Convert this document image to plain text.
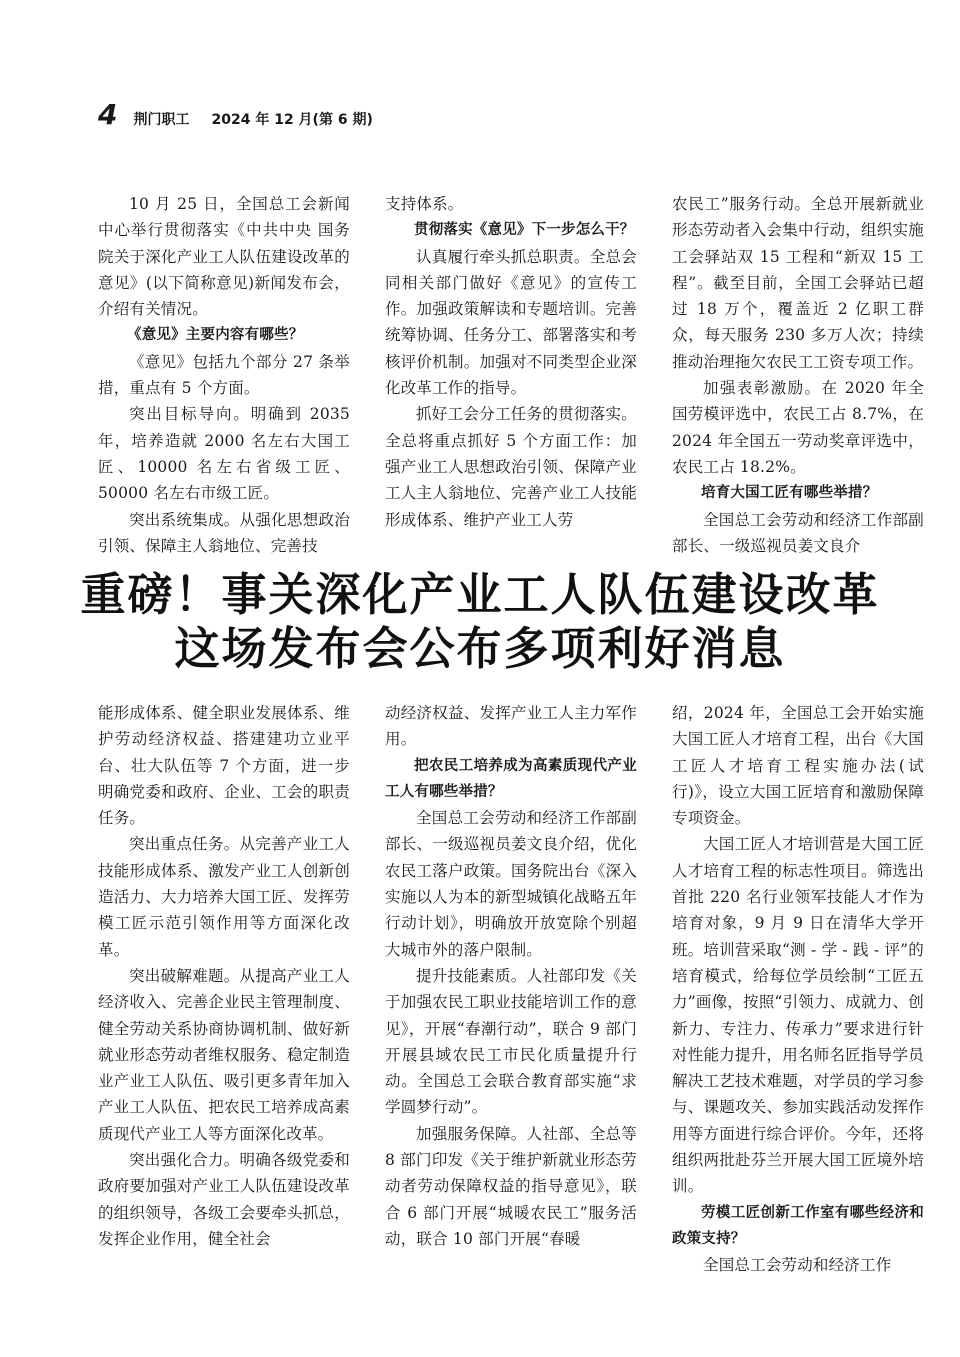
4 荆门职工 2024 年 12 月(第 6 期)

10 月 25 日，全国总工会新闻中心举行贯彻落实《中共中央 国务院关于深化产业工人队伍建设改革的意见》(以下简称意见)新闻发布会，介绍有关情况。

《意见》主要内容有哪些？

《意见》包括九个部分 27 条举措，重点有 5 个方面。

突出目标导向。明确到 2035 年，培养造就 2000 名左右大国工匠、10000 名左右省级工匠、50000 名左右市级工匠。

突出系统集成。从强化思想政治引领、保障主人翁地位、完善技

支持体系。

贯彻落实《意见》下一步怎么干？

认真履行牵头抓总职责。全总会同相关部门做好《意见》的宣传工作。加强政策解读和专题培训。完善统筹协调、任务分工、部署落实和考核评价机制。加强对不同类型企业深化改革工作的指导。

抓好工会分工任务的贯彻落实。全总将重点抓好 5 个方面工作：加强产业工人思想政治引领、保障产业工人主人翁地位、完善产业工人技能形成体系、维护产业工人劳

农民工”服务行动。全总开展新就业形态劳动者入会集中行动，组织实施工会驿站双 15 工程和“新双 15 工程”。截至目前，全国工会驿站已超过 18 万个，覆盖近 2 亿职工群众，每天服务 230 多万人次；持续推动治理拖欠农民工工资专项工作。

加强表彰激励。在 2020 年全国劳模评选中，农民工占 8.7%，在 2024 年全国五一劳动奖章评选中，农民工占 18.2%。

培育大国工匠有哪些举措？

全国总工会劳动和经济工作部副部长、一级巡视员姜文良介

重磅！事关深化产业工人队伍建设改革
这场发布会公布多项利好消息

能形成体系、健全职业发展体系、维护劳动经济权益、搭建建功立业平台、壮大队伍等 7 个方面，进一步明确党委和政府、企业、工会的职责任务。

突出重点任务。从完善产业工人技能形成体系、激发产业工人创新创造活力、大力培养大国工匠、发挥劳模工匠示范引领作用等方面深化改革。

突出破解难题。从提高产业工人经济收入、完善企业民主管理制度、健全劳动关系协商协调机制、做好新就业形态劳动者维权服务、稳定制造业产业工人队伍、吸引更多青年加入产业工人队伍、把农民工培养成高素质现代产业工人等方面深化改革。

突出强化合力。明确各级党委和政府要加强对产业工人队伍建设改革的组织领导，各级工会要牵头抓总，发挥企业作用，健全社会

动经济权益、发挥产业工人主力军作用。

把农民工培养成为高素质现代产业工人有哪些举措？

全国总工会劳动和经济工作部副部长、一级巡视员姜文良介绍，优化农民工落户政策。国务院出台《深入实施以人为本的新型城镇化战略五年行动计划》，明确放开放宽除个别超大城市外的落户限制。

提升技能素质。人社部印发《关于加强农民工职业技能培训工作的意见》，开展“春潮行动”，联合 9 部门开展县域农民工市民化质量提升行动。全国总工会联合教育部实施“求学圆梦行动”。

加强服务保障。人社部、全总等 8 部门印发《关于维护新就业形态劳动者劳动保障权益的指导意见》，联合 6 部门开展“城暖农民工”服务活动，联合 10 部门开展“春暖

绍，2024 年，全国总工会开始实施大国工匠人才培育工程，出台《大国工匠人才培育工程实施办法(试行)》，设立大国工匠培育和激励保障专项资金。

大国工匠人才培训营是大国工匠人才培育工程的标志性项目。筛选出首批 220 名行业领军技能人才作为培育对象，9 月 9 日在清华大学开班。培训营采取“测 - 学 - 践 - 评”的培育模式，给每位学员绘制“工匠五力”画像，按照“引领力、成就力、创新力、专注力、传承力”要求进行针对性能力提升，用名师名匠指导学员解决工艺技术难题，对学员的学习参与、课题攻关、参加实践活动发挥作用等方面进行综合评价。今年，还将组织两批赴芬兰开展大国工匠境外培训。

劳模工匠创新工作室有哪些经济和政策支持？

全国总工会劳动和经济工作
